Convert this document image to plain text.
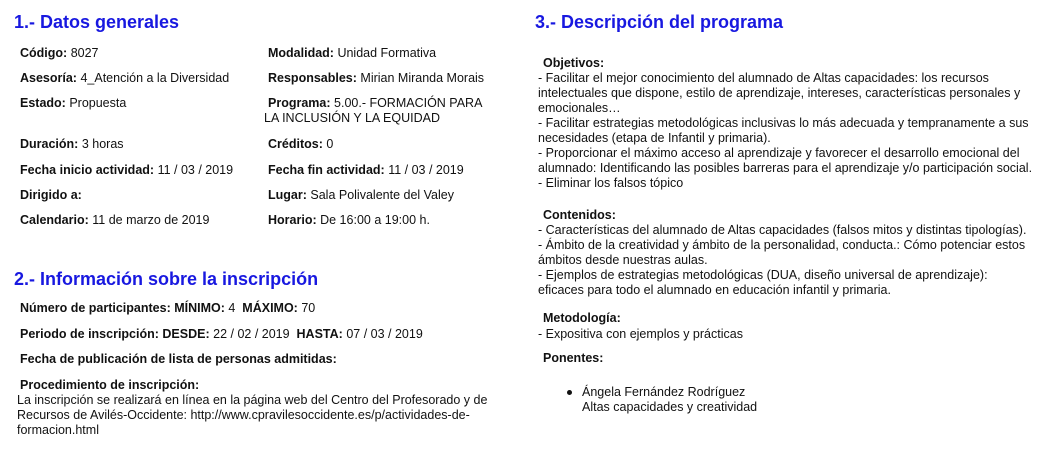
1.- Datos generales
Código: 8027	Modalidad: Unidad Formativa
Asesoría: 4_Atención a la Diversidad	Responsables: Mirian Miranda Morais
Estado: Propuesta	Programa: 5.00.- FORMACIÓN PARA
LA INCLUSIÓN Y LA EQUIDAD
Duración: 3 horas	Créditos: 0
Fecha inicio actividad: 11 / 03 / 2019	Fecha fin actividad: 11 / 03 / 2019
Dirigido a:	Lugar: Sala Polivalente del Valey
Calendario: 11 de marzo de 2019	Horario: De 16:00 a 19:00 h.
2.- Información sobre la inscripción
Número de participantes: MÍNIMO: 4 MÁXIMO: 70
Periodo de inscripción: DESDE: 22 / 02 / 2019 HASTA: 07 / 03 / 2019
Fecha de publicación de lista de personas admitidas:
Procedimiento de inscripción:

La inscripción se realizará en línea en la página web del Centro del Profesorado y de

Recursos de Avilés-Occidente: http://www.cpravilesoccidente.es/p/actividades-de-

formacion.html

3.- Descripción del programa
Objetivos:

- Facilitar el mejor conocimiento del alumnado de Altas capacidades: los recursos

intelectuales que dispone, estilo de aprendizaje, intereses, características personales y

emocionales…

- Facilitar estrategias metodológicas inclusivas lo más adecuada y tempranamente a sus

necesidades (etapa de Infantil y primaria).

- Proporcionar el máximo acceso al aprendizaje y favorecer el desarrollo emocional del

alumnado: Identificando las posibles barreras para el aprendizaje y/o participación social.

- Eliminar los falsos tópico

Contenidos:

- Características del alumnado de Altas capacidades (falsos mitos y distintas tipologías).

- Ámbito de la creatividad y ámbito de la personalidad, conducta.: Cómo potenciar estos

ámbitos desde nuestras aulas.

- Ejemplos de estrategias metodológicas (DUA, diseño universal de aprendizaje):

eficaces para todo el alumnado en educación infantil y primaria.

Metodología:

- Expositiva con ejemplos y prácticas

Ponentes:
Ángela Fernández Rodríguez
Altas capacidades y creatividad
